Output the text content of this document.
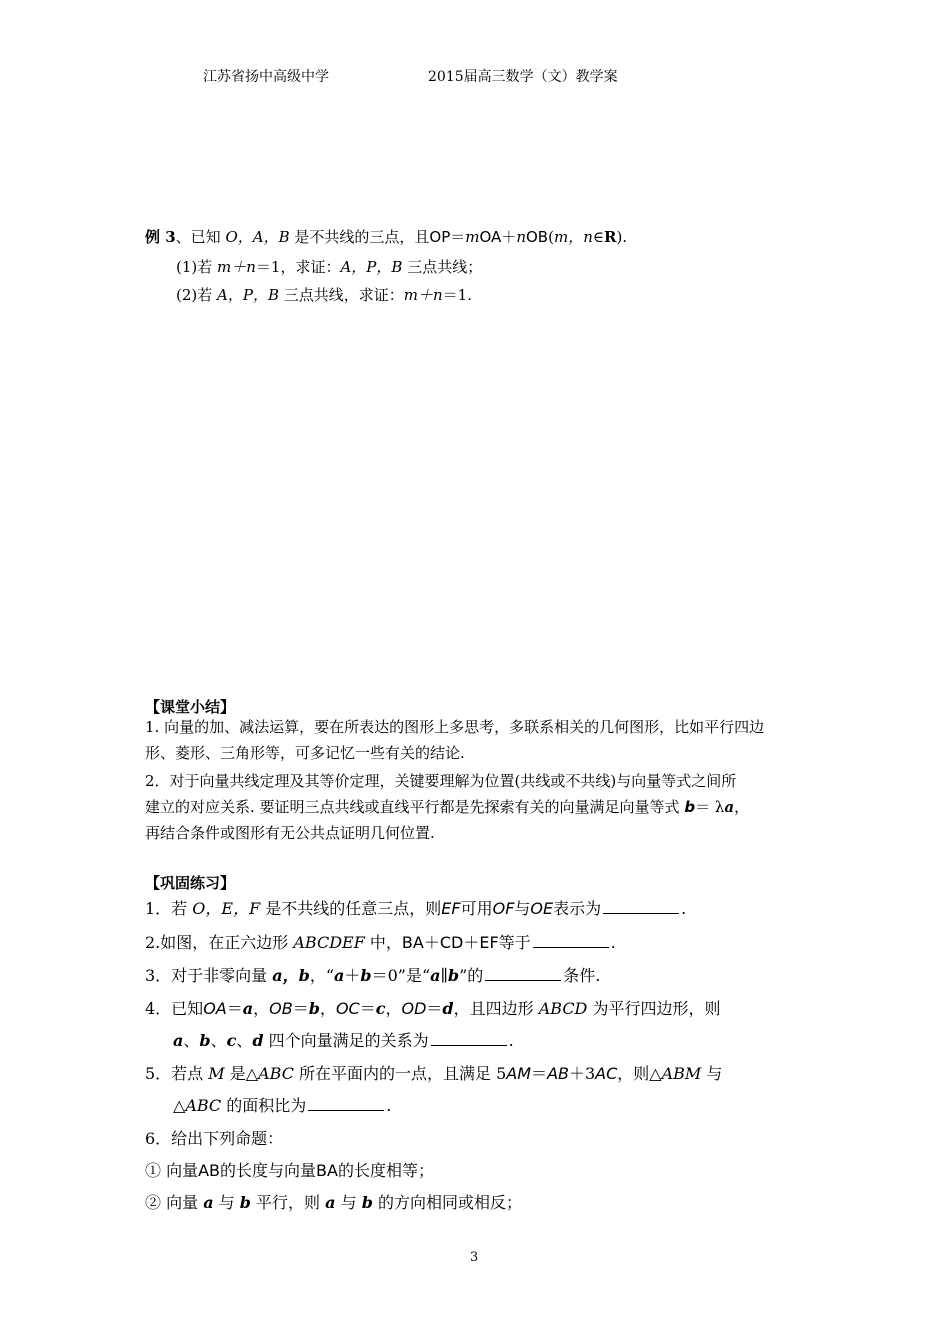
江苏省扬中高级中学	2015届高三数学（文）教学案
例 3、已知 O，A，B 是不共线的三点，且OP＝mOA＋nOB(m，n∈R).
(1)若 m＋n＝1，求证：A，P，B 三点共线；
(2)若 A，P，B 三点共线，求证：m＋n＝1.
【课堂小结】
1. 向量的加、减法运算，要在所表达的图形上多思考，多联系相关的几何图形，比如平行四边
形、菱形、三角形等，可多记忆一些有关的结论.
2．对于向量共线定理及其等价定理，关键要理解为位置(共线或不共线)与向量等式之间所
建立的对应关系. 要证明三点共线或直线平行都是先探索有关的向量满足向量等式 b＝ λa，
再结合条件或图形有无公共点证明几何位置.
【巩固练习】
1．若 O，E，F 是不共线的任意三点，则EF可用OF与OE表示为	.
2.如图，在正六边形 ABCDEF 中，BA＋CD＋EF等于	.
3．对于非零向量 a，b，“a＋b＝0”是“a∥b”的	条件.
4．已知OA＝a，OB＝b，OC＝c，OD＝d，且四边形 ABCD 为平行四边形，则
a、b、c、d 四个向量满足的关系为	.
5．若点 M 是△ABC 所在平面内的一点，且满足 5AM＝AB＋3AC，则△ABM 与
△ABC 的面积比为	.
6．给出下列命题：
① 向量AB的长度与向量BA的长度相等；
② 向量 a 与 b 平行，则 a 与 b 的方向相同或相反；
3
